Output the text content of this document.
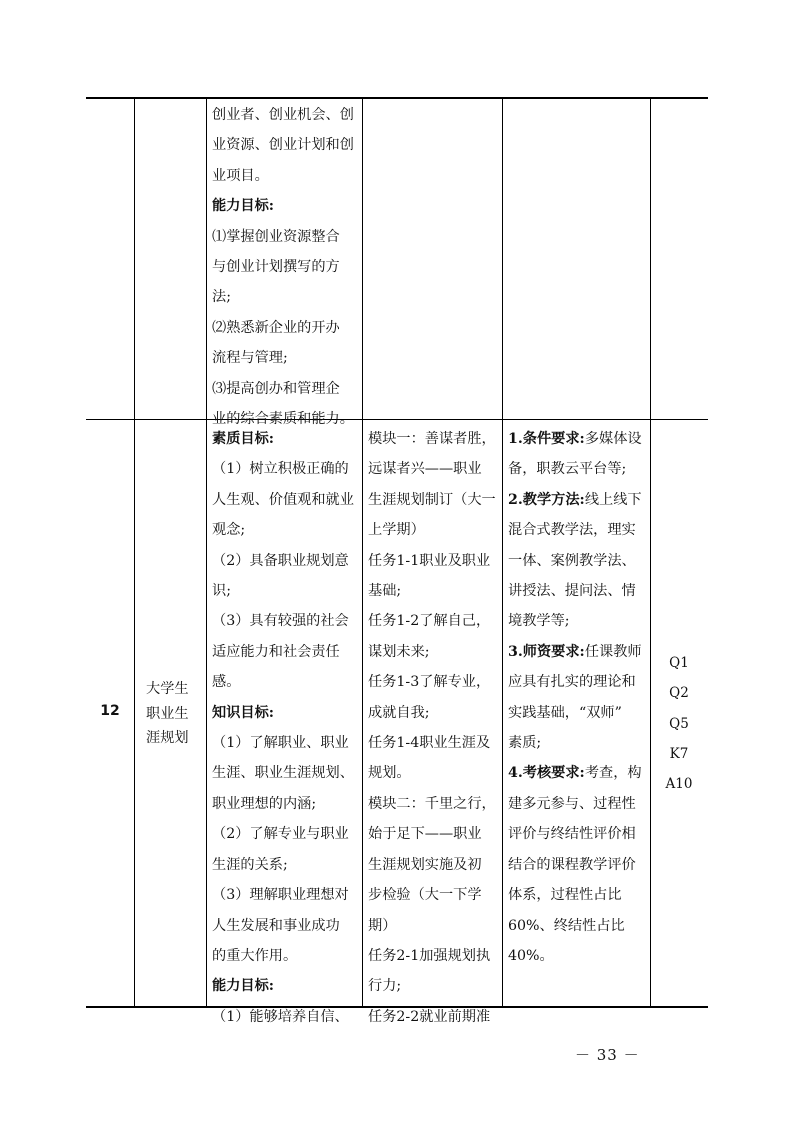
创业者、创业机会、创

业资源、创业计划和创

业项目。

能力目标:

⑴掌握创业资源整合

与创业计划撰写的方

法;

⑵熟悉新企业的开办

流程与管理;

⑶提高创办和管理企

业的综合素质和能力。

12
大学生
职业生
涯规划

素质目标:

（1）树立积极正确的

人生观、价值观和就业

观念;

（2）具备职业规划意

识;

（3）具有较强的社会

适应能力和社会责任

感。

知识目标:

（1）了解职业、职业

生涯、职业生涯规划、

职业理想的内涵;

（2）了解专业与职业

生涯的关系;

（3）理解职业理想对

人生发展和事业成功

的重大作用。

能力目标:

（1）能够培养自信、

模块一：善谋者胜，

远谋者兴——职业

生涯规划制订（大一

上学期）

任务1-1职业及职业

基础;

任务1-2了解自己，

谋划未来;

任务1-3了解专业，

成就自我;

任务1-4职业生涯及

规划。

模块二：千里之行，

始于足下——职业

生涯规划实施及初

步检验（大一下学

期）

任务2-1加强规划执

行力;

任务2-2就业前期准

1.条件要求:多媒体设

备，职教云平台等;

2.教学方法:线上线下

混合式教学法，理实

一体、案例教学法、

讲授法、提问法、情

境教学等;

3.师资要求:任课教师

应具有扎实的理论和

实践基础，“双师”

素质;

4.考核要求:考查，构

建多元参与、过程性

评价与终结性评价相

结合的课程教学评价

体系，过程性占比

60%、终结性占比

40%。

Q1
Q2
Q5
K7
A10
－ 33 －
